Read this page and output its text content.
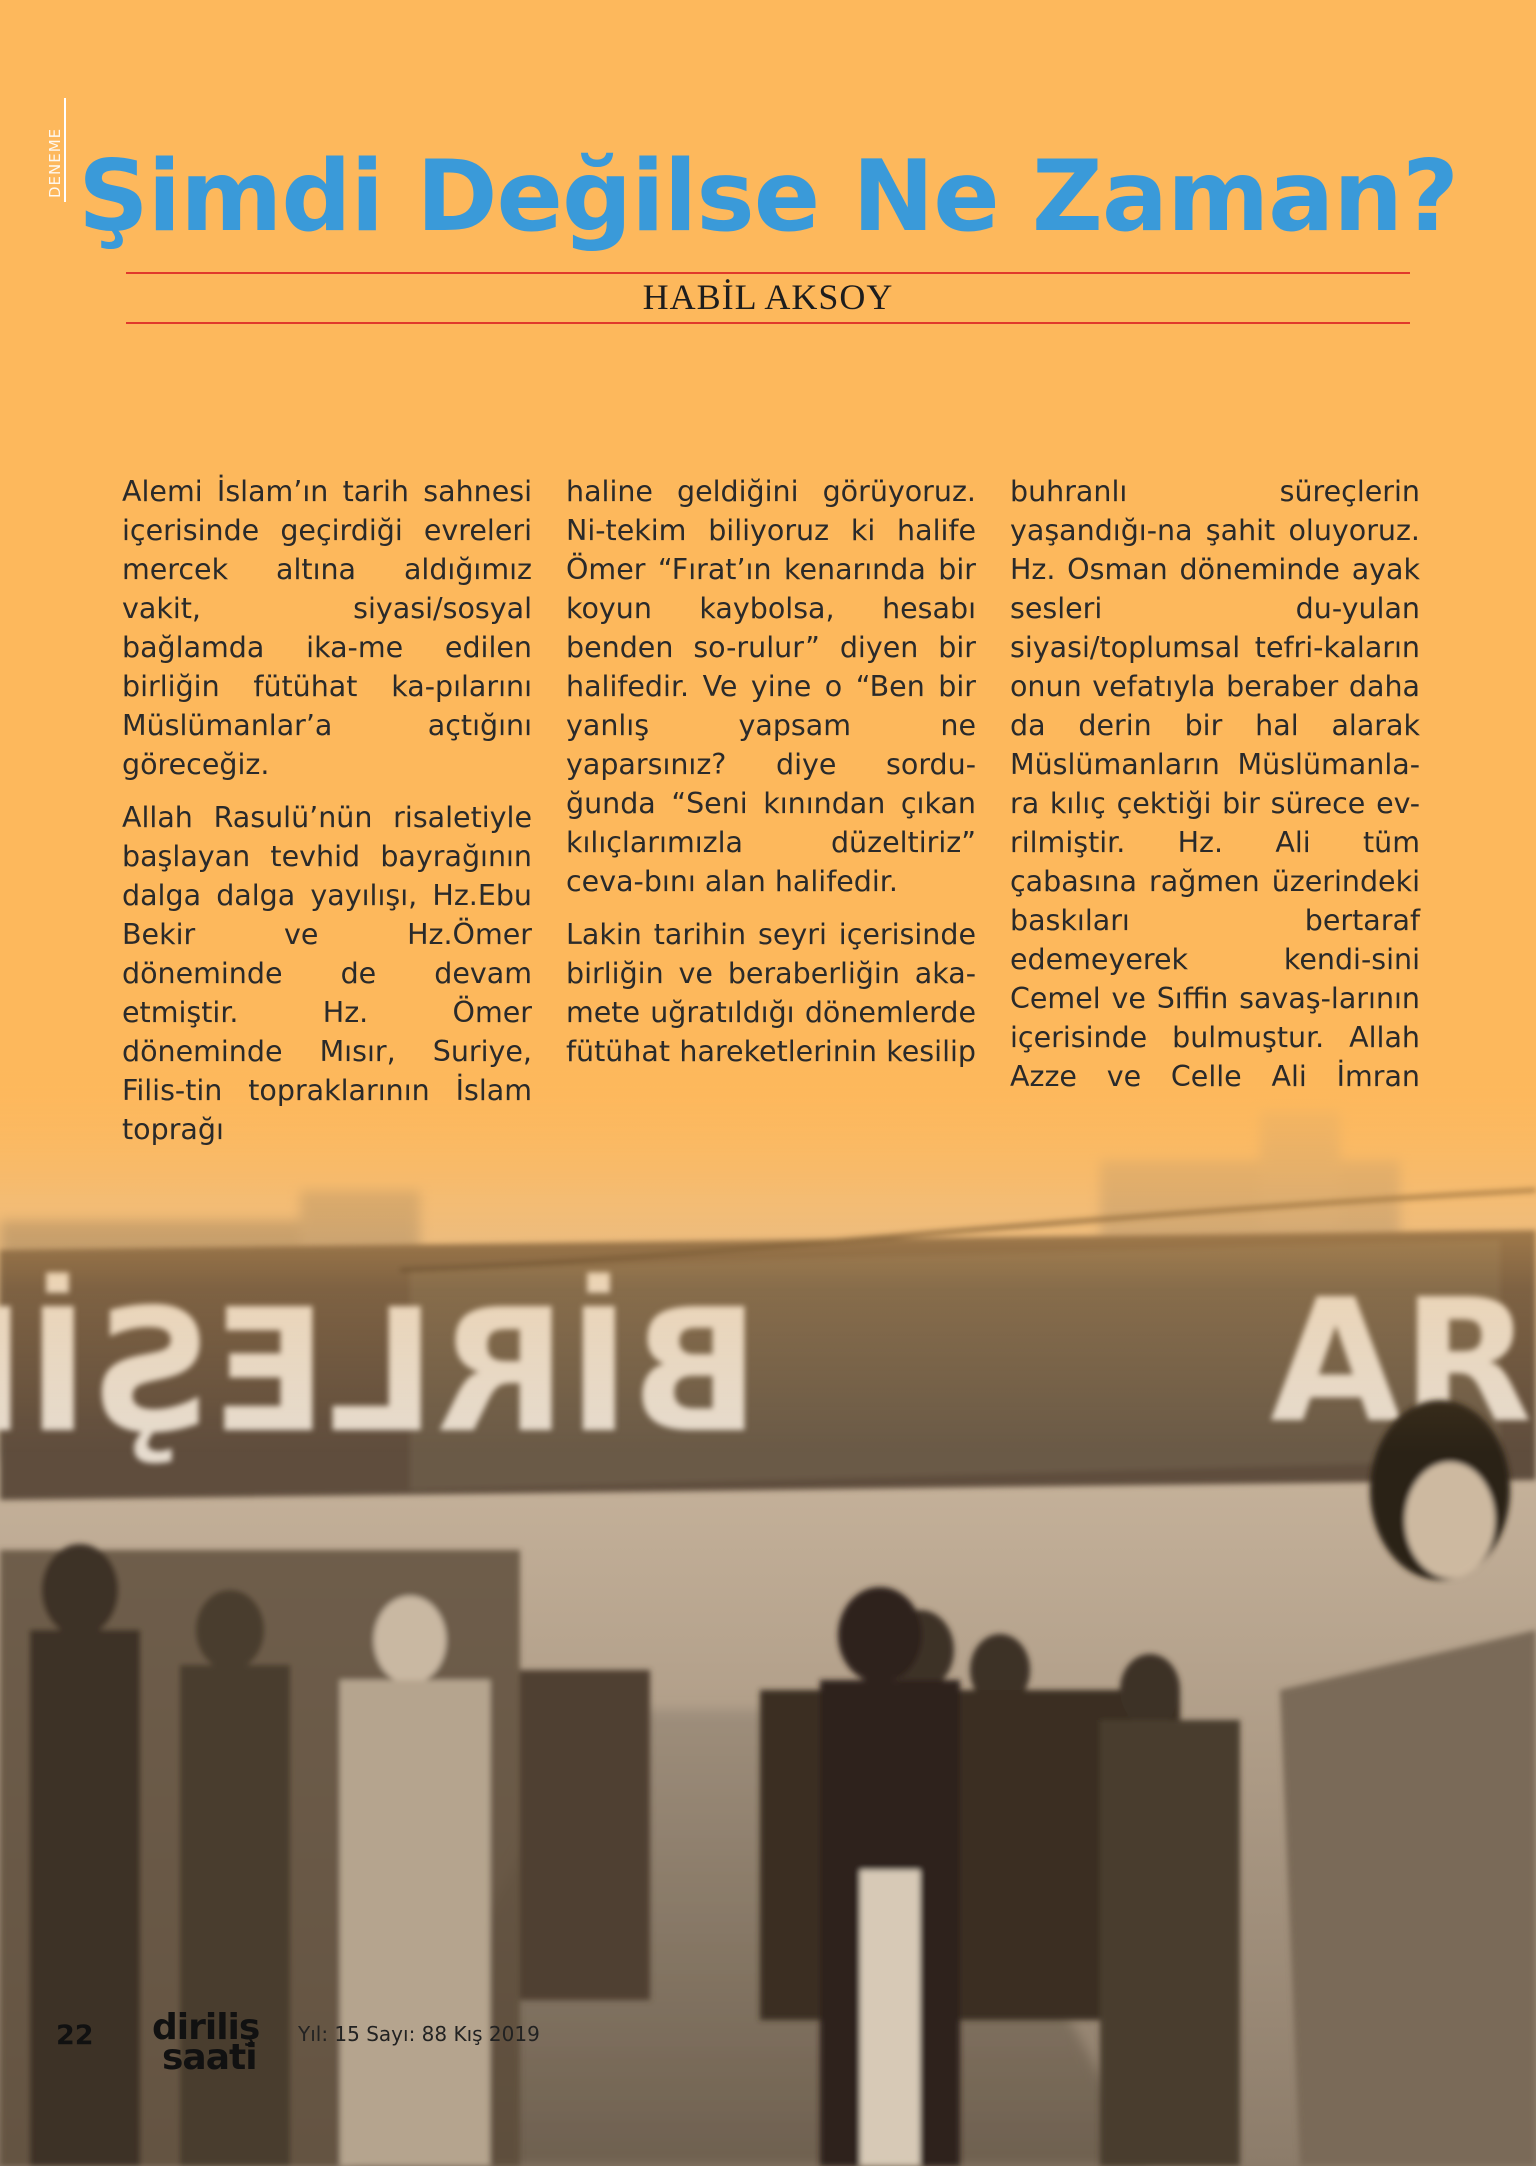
DENEME Şimdi Değilse Ne Zaman?
HABİL AKSOY

Alemi İslam’ın tarih sahnesi içerisinde geçirdiği evreleri mercek altına aldığımız vakit, siyasi/sosyal bağlamda ika-me edilen birliğin fütühat ka-pılarını Müslümanlar’a açtığını göreceğiz.

Allah Rasulü’nün risaletiyle başlayan tevhid bayrağının dalga dalga yayılışı, Hz.Ebu Bekir ve Hz.Ömer döneminde de devam etmiştir. Hz. Ömer döneminde Mısır, Suriye, Filis-tin topraklarının İslam toprağı

haline geldiğini görüyoruz. Ni-tekim biliyoruz ki halife Ömer “Fırat’ın kenarında bir koyun kaybolsa, hesabı benden so-rulur” diyen bir halifedir. Ve yine o “Ben bir yanlış yapsam ne yaparsınız? diye sordu-ğunda “Seni kınından çıkan kılıçlarımızla düzeltiriz” ceva-bını alan halifedir.

Lakin tarihin seyri içerisinde birliğin ve beraberliğin aka-mete uğratıldığı dönemlerde fütühat hareketlerinin kesilip

buhranlı süreçlerin yaşandığı-na şahit oluyoruz. Hz. Osman döneminde ayak sesleri du-yulan siyasi/toplumsal tefri-kaların onun vefatıyla beraber daha da derin bir hal alarak Müslümanların Müslümanla-ra kılıç çektiği bir sürece ev-rilmiştir. Hz. Ali tüm çabasına rağmen üzerindeki baskıları bertaraf edemeyerek kendi-sini Cemel ve Sıffin savaş-larının içerisinde bulmuştur. Allah Azze ve Celle Ali İmran

22 diriliş
saati
Yıl: 15 Sayı: 88 Kış 2019
